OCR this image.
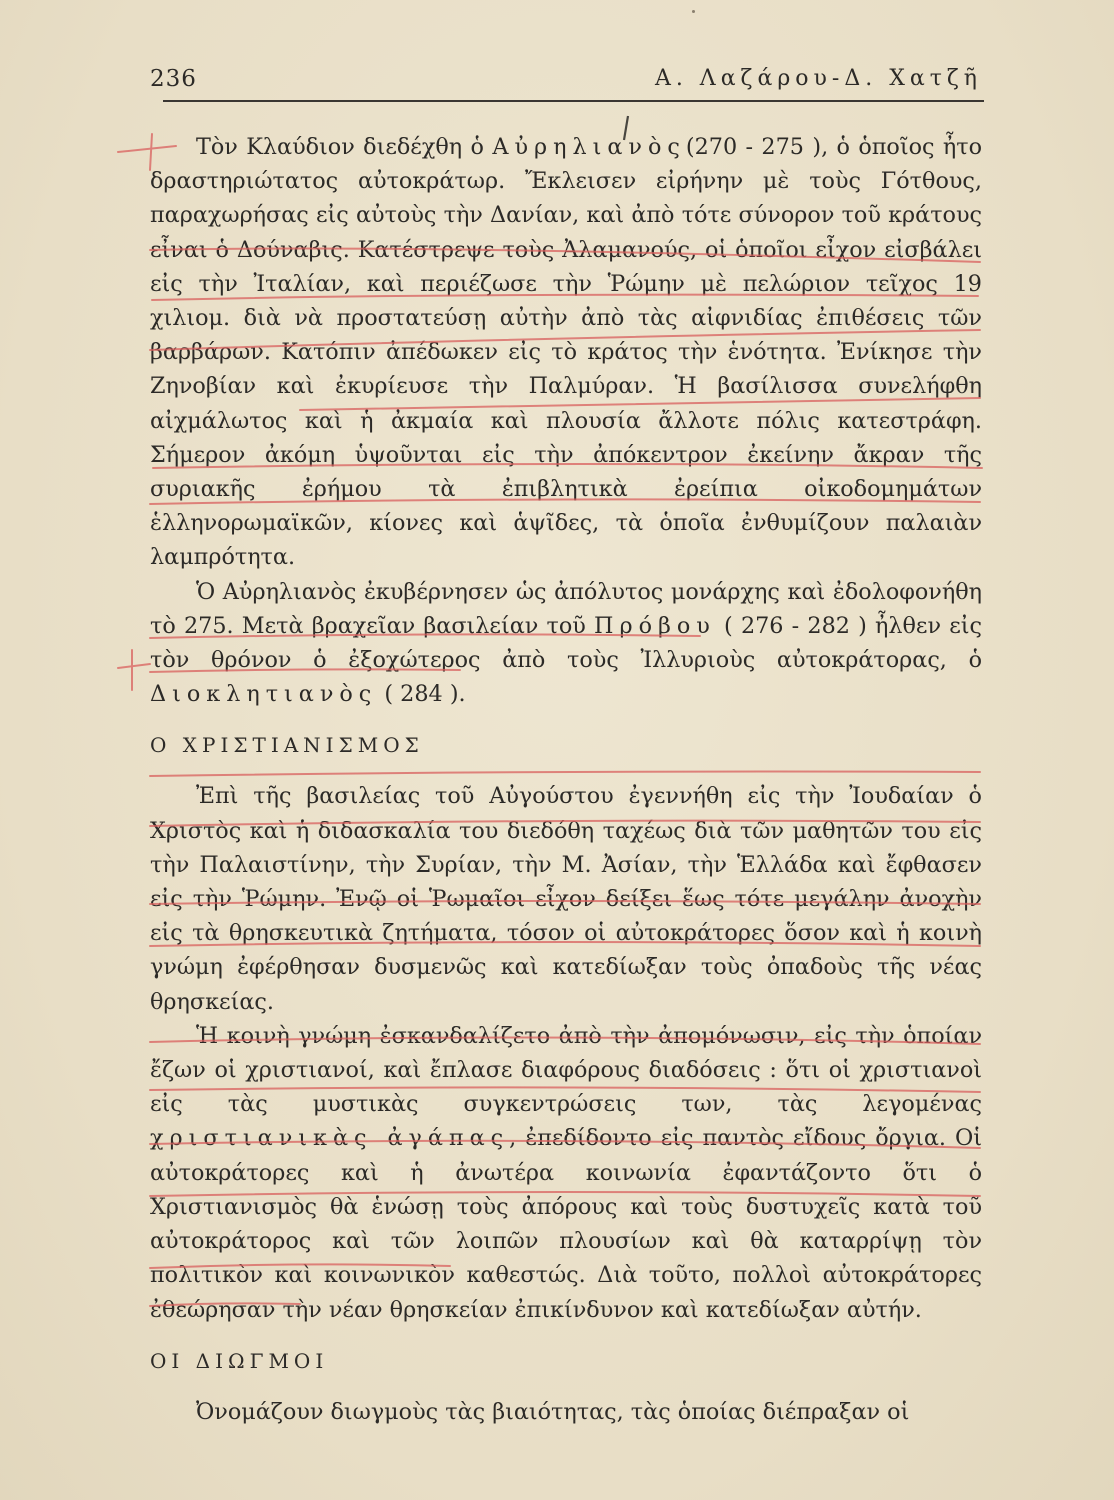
236	Α. Λαζάρου-Δ. Χατζῆ

Τὸν Κλαύδιον διεδέχθη ὁ Αὐρηλιανὸς(270 - 275 ), ὁ ὁποῖος ἦτο δραστηριώτατος αὐτοκράτωρ. Ἔκλεισεν εἰρήνην μὲ τοὺς Γότθους, παραχωρήσας εἰς αὐτοὺς τὴν Δανίαν, καὶ ἀπὸ τότε σύνορον τοῦ κράτους εἶναι ὁ Δούναβις. Κατέστρεψε τοὺς Ἀλαμανούς, οἱ ὁποῖοι εἶχον εἰσβάλει εἰς τὴν Ἰταλίαν, καὶ περιέζωσε τὴν Ῥώμην μὲ πελώριον τεῖχος 19 χιλιομ. διὰ νὰ προστατεύσῃ αὐτὴν ἀπὸ τὰς αἰφνιδίας ἐπιθέσεις τῶν βαρβάρων. Κατόπιν ἀπέδωκεν εἰς τὸ κράτος τὴν ἑνότητα. Ἐνίκησε τὴν Ζηνοβίαν καὶ ἐκυρίευσε τὴν Παλμύραν. Ἡ βασίλισσα συνελήφθη αἰχμάλωτος καὶ ἡ ἀκμαία καὶ πλουσία ἄλλοτε πόλις κατεστράφη. Σήμερον ἀκόμη ὑψοῦνται εἰς τὴν ἀπόκεντρον ἐκείνην ἄκραν τῆς συριακῆς ἐρήμου τὰ ἐπιβλητικὰ ἐρείπια οἰκοδομημάτων ἑλληνορωμαϊκῶν, κίονες καὶ ἁψῖδες, τὰ ὁποῖα ἐνθυμίζουν παλαιὰν λαμπρότητα.

Ὁ Αὐρηλιανὸς ἐκυβέρνησεν ὡς ἀπόλυτος μονάρχης καὶ ἐδολοφονήθη τὸ 275. Μετὰ βραχεῖαν βασιλείαν τοῦ Πρόβου ( 276 - 282 ) ἦλθεν εἰς τὸν θρόνον ὁ ἐξοχώτερος ἀπὸ τοὺς Ἰλλυριοὺς αὐτοκράτορας, ὁ Διοκλητιανὸς ( 284 ).

Ο ΧΡΙΣΤΙΑΝΙΣΜΟΣ

Ἐπὶ τῆς βασιλείας τοῦ Αὐγούστου ἐγεννήθη εἰς τὴν Ἰουδαίαν ὁ Χριστὸς καὶ ἡ διδασκαλία του διεδόθη ταχέως διὰ τῶν μαθητῶν του εἰς τὴν Παλαιστίνην, τὴν Συρίαν, τὴν Μ. Ἀσίαν, τὴν Ἑλλάδα καὶ ἔφθασεν εἰς τὴν Ῥώμην. Ἐνῷ οἱ Ῥωμαῖοι εἶχον δείξει ἕως τότε μεγάλην ἀνοχὴν εἰς τὰ θρησκευτικὰ ζητήματα, τόσον οἱ αὐτοκράτορες ὅσον καὶ ἡ κοινὴ γνώμη ἐφέρθησαν δυσμενῶς καὶ κατεδίωξαν τοὺς ὀπαδοὺς τῆς νέας θρησκείας.

Ἡ κοινὴ γνώμη ἐσκανδαλίζετο ἀπὸ τὴν ἀπομόνωσιν, εἰς τὴν ὁποίαν ἔζων οἱ χριστιανοί, καὶ ἔπλασε διαφόρους διαδόσεις : ὅτι οἱ χριστιανοὶ εἰς τὰς μυστικὰς συγκεντρώσεις των, τὰς λεγομένας χριστιανικὰς ἀγάπας, ἐπεδίδοντο εἰς παντὸς εἴδους ὄργια. Οἱ αὐτοκράτορες καὶ ἡ ἀνωτέρα κοινωνία ἐφαντάζοντο ὅτι ὁ Χριστιανισμὸς θὰ ἑνώσῃ τοὺς ἀπόρους καὶ τοὺς δυστυχεῖς κατὰ τοῦ αὐτοκράτορος καὶ τῶν λοιπῶν πλουσίων καὶ θὰ καταρρίψῃ τὸν πολιτικὸν καὶ κοινωνικὸν καθεστώς. Διὰ τοῦτο, πολλοὶ αὐτοκράτορες ἐθεώρησαν τὴν νέαν θρησκείαν ἐπικίνδυνον καὶ κατεδίωξαν αὐτήν.

ΟΙ ΔΙΩΓΜΟΙ

Ὀνομάζουν διωγμοὺς τὰς βιαιότητας, τὰς ὁποίας διέπραξαν οἱ
